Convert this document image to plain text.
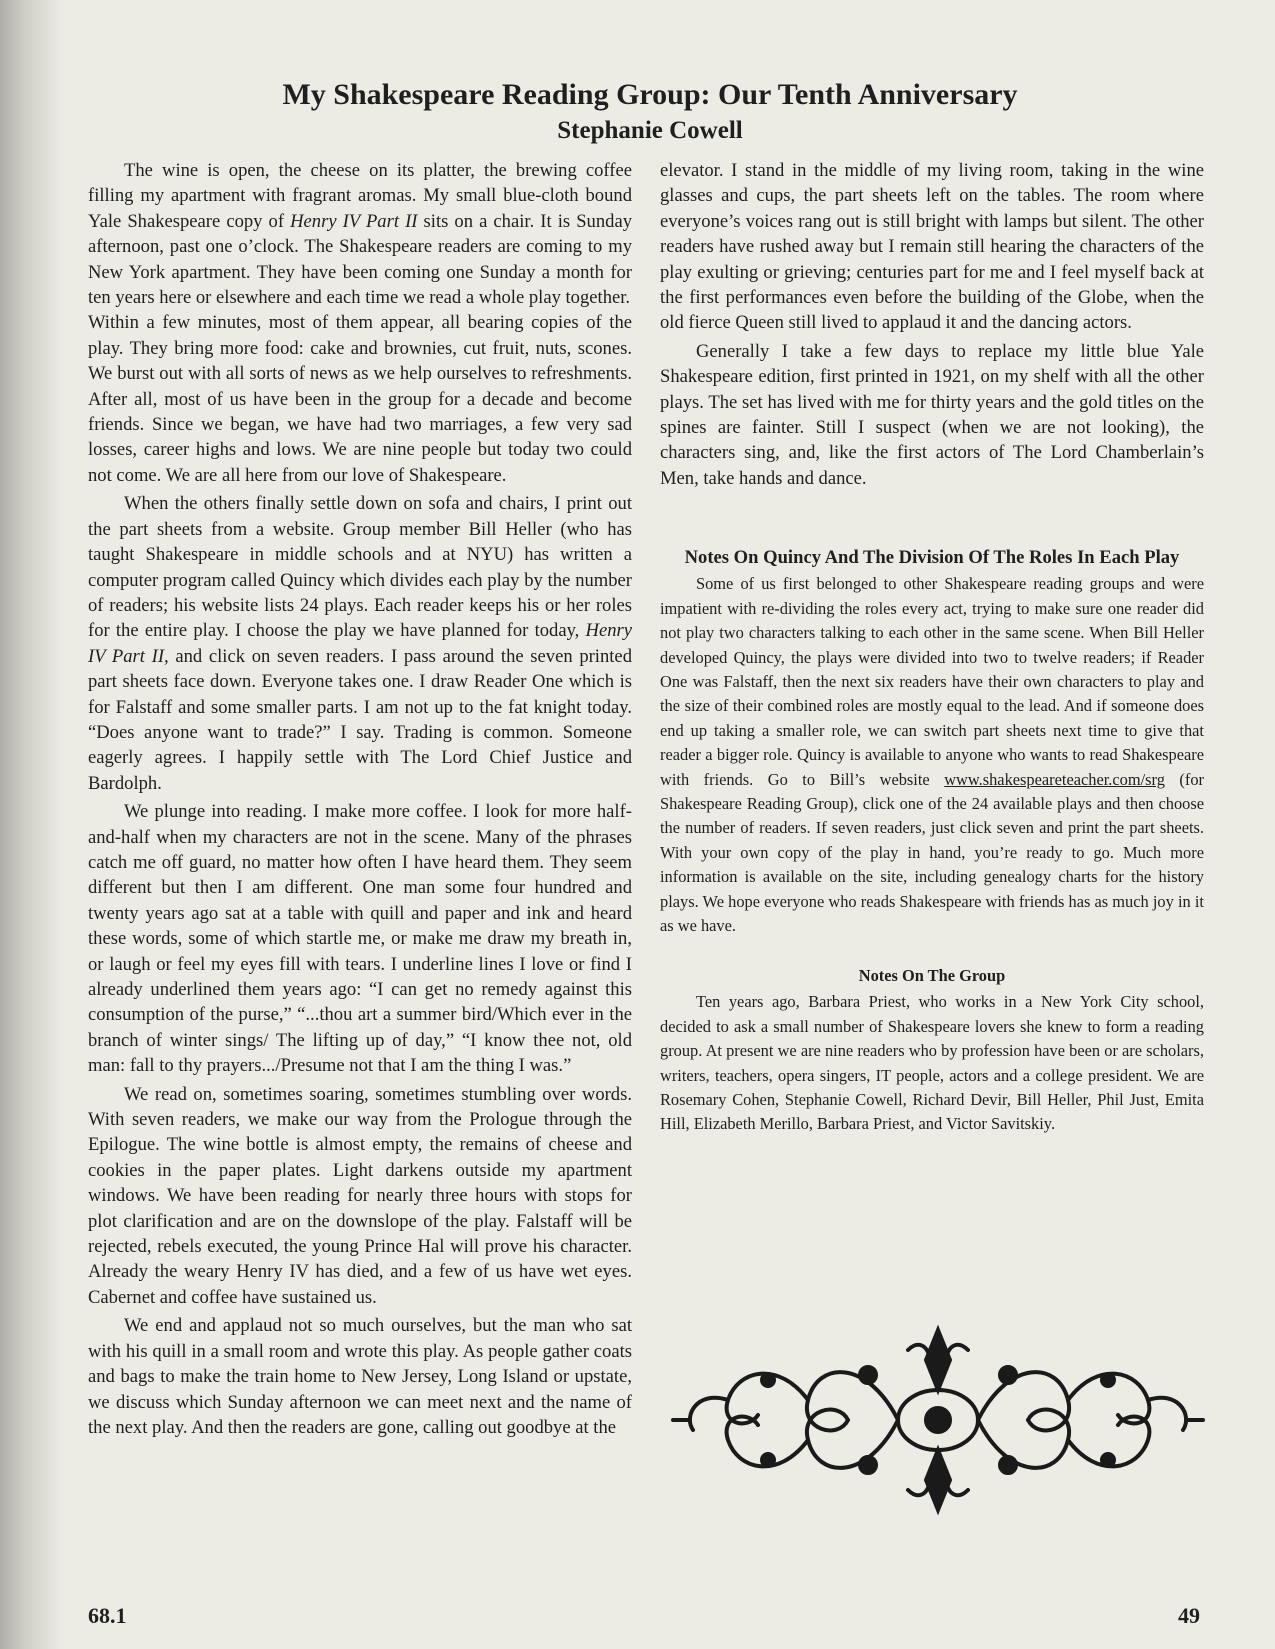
My Shakespeare Reading Group: Our Tenth Anniversary
Stephanie Cowell

The wine is open, the cheese on its platter, the brewing coffee filling my apartment with fragrant aromas. My small blue-cloth bound Yale Shakespeare copy of Henry IV Part II sits on a chair. It is Sunday afternoon, past one o’clock. The Shakespeare readers are coming to my New York apartment. They have been coming one Sunday a month for ten years here or elsewhere and each time we read a whole play together.

Within a few minutes, most of them appear, all bearing copies of the play. They bring more food: cake and brownies, cut fruit, nuts, scones. We burst out with all sorts of news as we help ourselves to refreshments. After all, most of us have been in the group for a decade and become friends. Since we began, we have had two marriages, a few very sad losses, career highs and lows. We are nine people but today two could not come. We are all here from our love of Shakespeare.

When the others finally settle down on sofa and chairs, I print out the part sheets from a website. Group member Bill Heller (who has taught Shakespeare in middle schools and at NYU) has written a computer program called Quincy which divides each play by the number of readers; his website lists 24 plays. Each reader keeps his or her roles for the entire play. I choose the play we have planned for today, Henry IV Part II, and click on seven readers. I pass around the seven printed part sheets face down. Everyone takes one. I draw Reader One which is for Falstaff and some smaller parts. I am not up to the fat knight today. “Does anyone want to trade?” I say. Trading is common. Someone eagerly agrees. I happily settle with The Lord Chief Justice and Bardolph.

We plunge into reading. I make more coffee. I look for more half-and-half when my characters are not in the scene. Many of the phrases catch me off guard, no matter how often I have heard them. They seem different but then I am different. One man some four hundred and twenty years ago sat at a table with quill and paper and ink and heard these words, some of which startle me, or make me draw my breath in, or laugh or feel my eyes fill with tears. I underline lines I love or find I already underlined them years ago: “I can get no remedy against this consumption of the purse,” “...thou art a summer bird/Which ever in the branch of winter sings/ The lifting up of day,” “I know thee not, old man: fall to thy prayers.../Presume not that I am the thing I was.”

We read on, sometimes soaring, sometimes stumbling over words. With seven readers, we make our way from the Prologue through the Epilogue. The wine bottle is almost empty, the remains of cheese and cookies in the paper plates. Light darkens outside my apartment windows. We have been reading for nearly three hours with stops for plot clarification and are on the downslope of the play. Falstaff will be rejected, rebels executed, the young Prince Hal will prove his character. Already the weary Henry IV has died, and a few of us have wet eyes. Cabernet and coffee have sustained us.

We end and applaud not so much ourselves, but the man who sat with his quill in a small room and wrote this play. As people gather coats and bags to make the train home to New Jersey, Long Island or upstate, we discuss which Sunday afternoon we can meet next and the name of the next play. And then the readers are gone, calling out goodbye at the

elevator. I stand in the middle of my living room, taking in the wine glasses and cups, the part sheets left on the tables. The room where everyone’s voices rang out is still bright with lamps but silent. The other readers have rushed away but I remain still hearing the characters of the play exulting or grieving; centuries part for me and I feel myself back at the first performances even before the building of the Globe, when the old fierce Queen still lived to applaud it and the dancing actors.

Generally I take a few days to replace my little blue Yale Shakespeare edition, first printed in 1921, on my shelf with all the other plays. The set has lived with me for thirty years and the gold titles on the spines are fainter. Still I suspect (when we are not looking), the characters sing, and, like the first actors of The Lord Chamberlain’s Men, take hands and dance.

Notes On Quincy And The Division Of The Roles In Each Play

Some of us first belonged to other Shakespeare reading groups and were impatient with re-dividing the roles every act, trying to make sure one reader did not play two characters talking to each other in the same scene. When Bill Heller developed Quincy, the plays were divided into two to twelve readers; if Reader One was Falstaff, then the next six readers have their own characters to play and the size of their combined roles are mostly equal to the lead. And if someone does end up taking a smaller role, we can switch part sheets next time to give that reader a bigger role. Quincy is available to anyone who wants to read Shakespeare with friends. Go to Bill’s website www.shakespeareteacher.com/srg (for Shakespeare Reading Group), click one of the 24 available plays and then choose the number of readers. If seven readers, just click seven and print the part sheets. With your own copy of the play in hand, you’re ready to go. Much more information is available on the site, including genealogy charts for the history plays. We hope everyone who reads Shakespeare with friends has as much joy in it as we have.

Notes On The Group

Ten years ago, Barbara Priest, who works in a New York City school, decided to ask a small number of Shakespeare lovers she knew to form a reading group. At present we are nine readers who by profession have been or are scholars, writers, teachers, opera singers, IT people, actors and a college president. We are Rosemary Cohen, Stephanie Cowell, Richard Devir, Bill Heller, Phil Just, Emita Hill, Elizabeth Merillo, Barbara Priest, and Victor Savitskiy.

68.1	49
